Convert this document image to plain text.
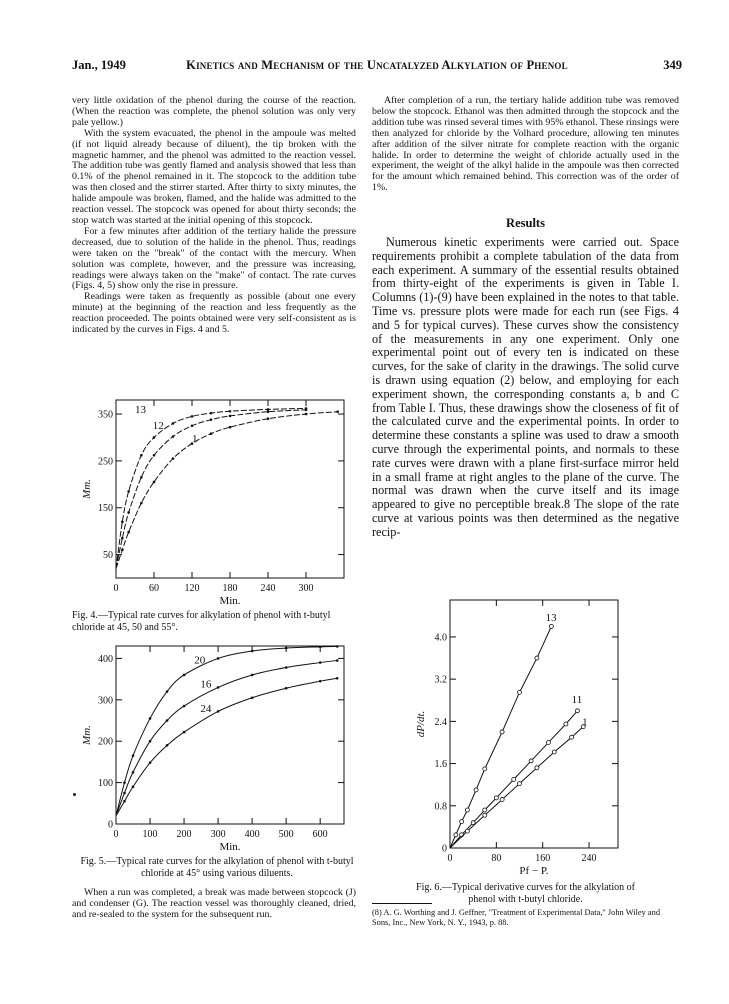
Jan., 1949	Kinetics and Mechanism of the Uncatalyzed Alkylation of Phenol	349

very little oxidation of the phenol during the course of the reaction. (When the reaction was complete, the phenol solution was only very pale yellow.)

With the system evacuated, the phenol in the ampoule was melted (if not liquid already because of diluent), the tip broken with the magnetic hammer, and the phenol was admitted to the reaction vessel. The addition tube was gently flamed and analysis showed that less than 0.1% of the phenol remained in it. The stopcock to the addition tube was then closed and the stirrer started. After thirty to sixty minutes, the halide ampoule was broken, flamed, and the halide was admitted to the reaction vessel. The stopcock was opened for about thirty seconds; the stop watch was started at the initial opening of this stopcock.

For a few minutes after addition of the tertiary halide the pressure decreased, due to solution of the halide in the phenol. Thus, readings were taken on the "break" of the contact with the mercury. When solution was complete, however, and the pressure was increasing, readings were always taken on the "make" of contact. The rate curves (Figs. 4, 5) show only the rise in pressure.

Readings were taken as frequently as possible (about one every minute) at the beginning of the reaction and less frequently as the reaction proceeded. The points obtained were very self-consistent as is indicated by the curves in Figs. 4 and 5.

After completion of a run, the tertiary halide addition tube was removed below the stopcock. Ethanol was then admitted through the stopcock and the addition tube was rinsed several times with 95% ethanol. These rinsings were then analyzed for chloride by the Volhard procedure, allowing ten minutes after addition of the silver nitrate for complete reaction with the organic halide. In order to determine the weight of chloride actually used in the experiment, the weight of the alkyl halide in the ampoule was then corrected for the amount which remained behind. This correction was of the order of 1%.

Results

Numerous kinetic experiments were carried out. Space requirements prohibit a complete tabulation of the data from each experiment. A summary of the essential results obtained from thirty-eight of the experiments is given in Table I. Columns (1)-(9) have been explained in the notes to that table. Time vs. pressure plots were made for each run (see Figs. 4 and 5 for typical curves). These curves show the consistency of the measurements in any one experiment. Only one experimental point out of every ten is indicated on these curves, for the sake of clarity in the drawings. The solid curve is drawn using equation (2) below, and employing for each experiment shown, the corresponding constants a, b and C from Table I. Thus, these drawings show the closeness of fit of the calculated curve and the experimental points. In order to determine these constants a spline was used to draw a smooth curve through the experimental points, and normals to these rate curves were drawn with a plane first-surface mirror held in a small frame at right angles to the plane of the curve. The normal was drawn when the curve itself and its image appeared to give no perceptible break.8 The slope of the rate curve at various points was then determined as the negative recip-

0	60	120 180 240 300
50
150
250
350
Min.
Mm.
13
12
1
Fig. 4.—Typical rate curves for alkylation of phenol with t-butyl chloride at 45, 50 and 55°.
0 100 200 300 400 500 600
0
100
200
300
400
Min.
Mm.
20
16
24
Fig. 5.—Typical rate curves for the alkylation of phenol with t-butyl chloride at 45° using various diluents.
0	80	160	240
0
0.8
1.6
2.4
3.2
4.0
Pf − P.
dP/dt.
13
11
1
Fig. 6.—Typical derivative curves for the alkylation of
phenol with t-butyl chloride.

When a run was completed, a break was made between stopcock (J) and condenser (G). The reaction vessel was thoroughly cleaned, dried, and re-sealed to the system for the subsequent run.	(8) A. G. Worthing and J. Geffner, "Treatment of Experimental Data," John Wiley and Sons, Inc., New York, N. Y., 1943, p. 88.
